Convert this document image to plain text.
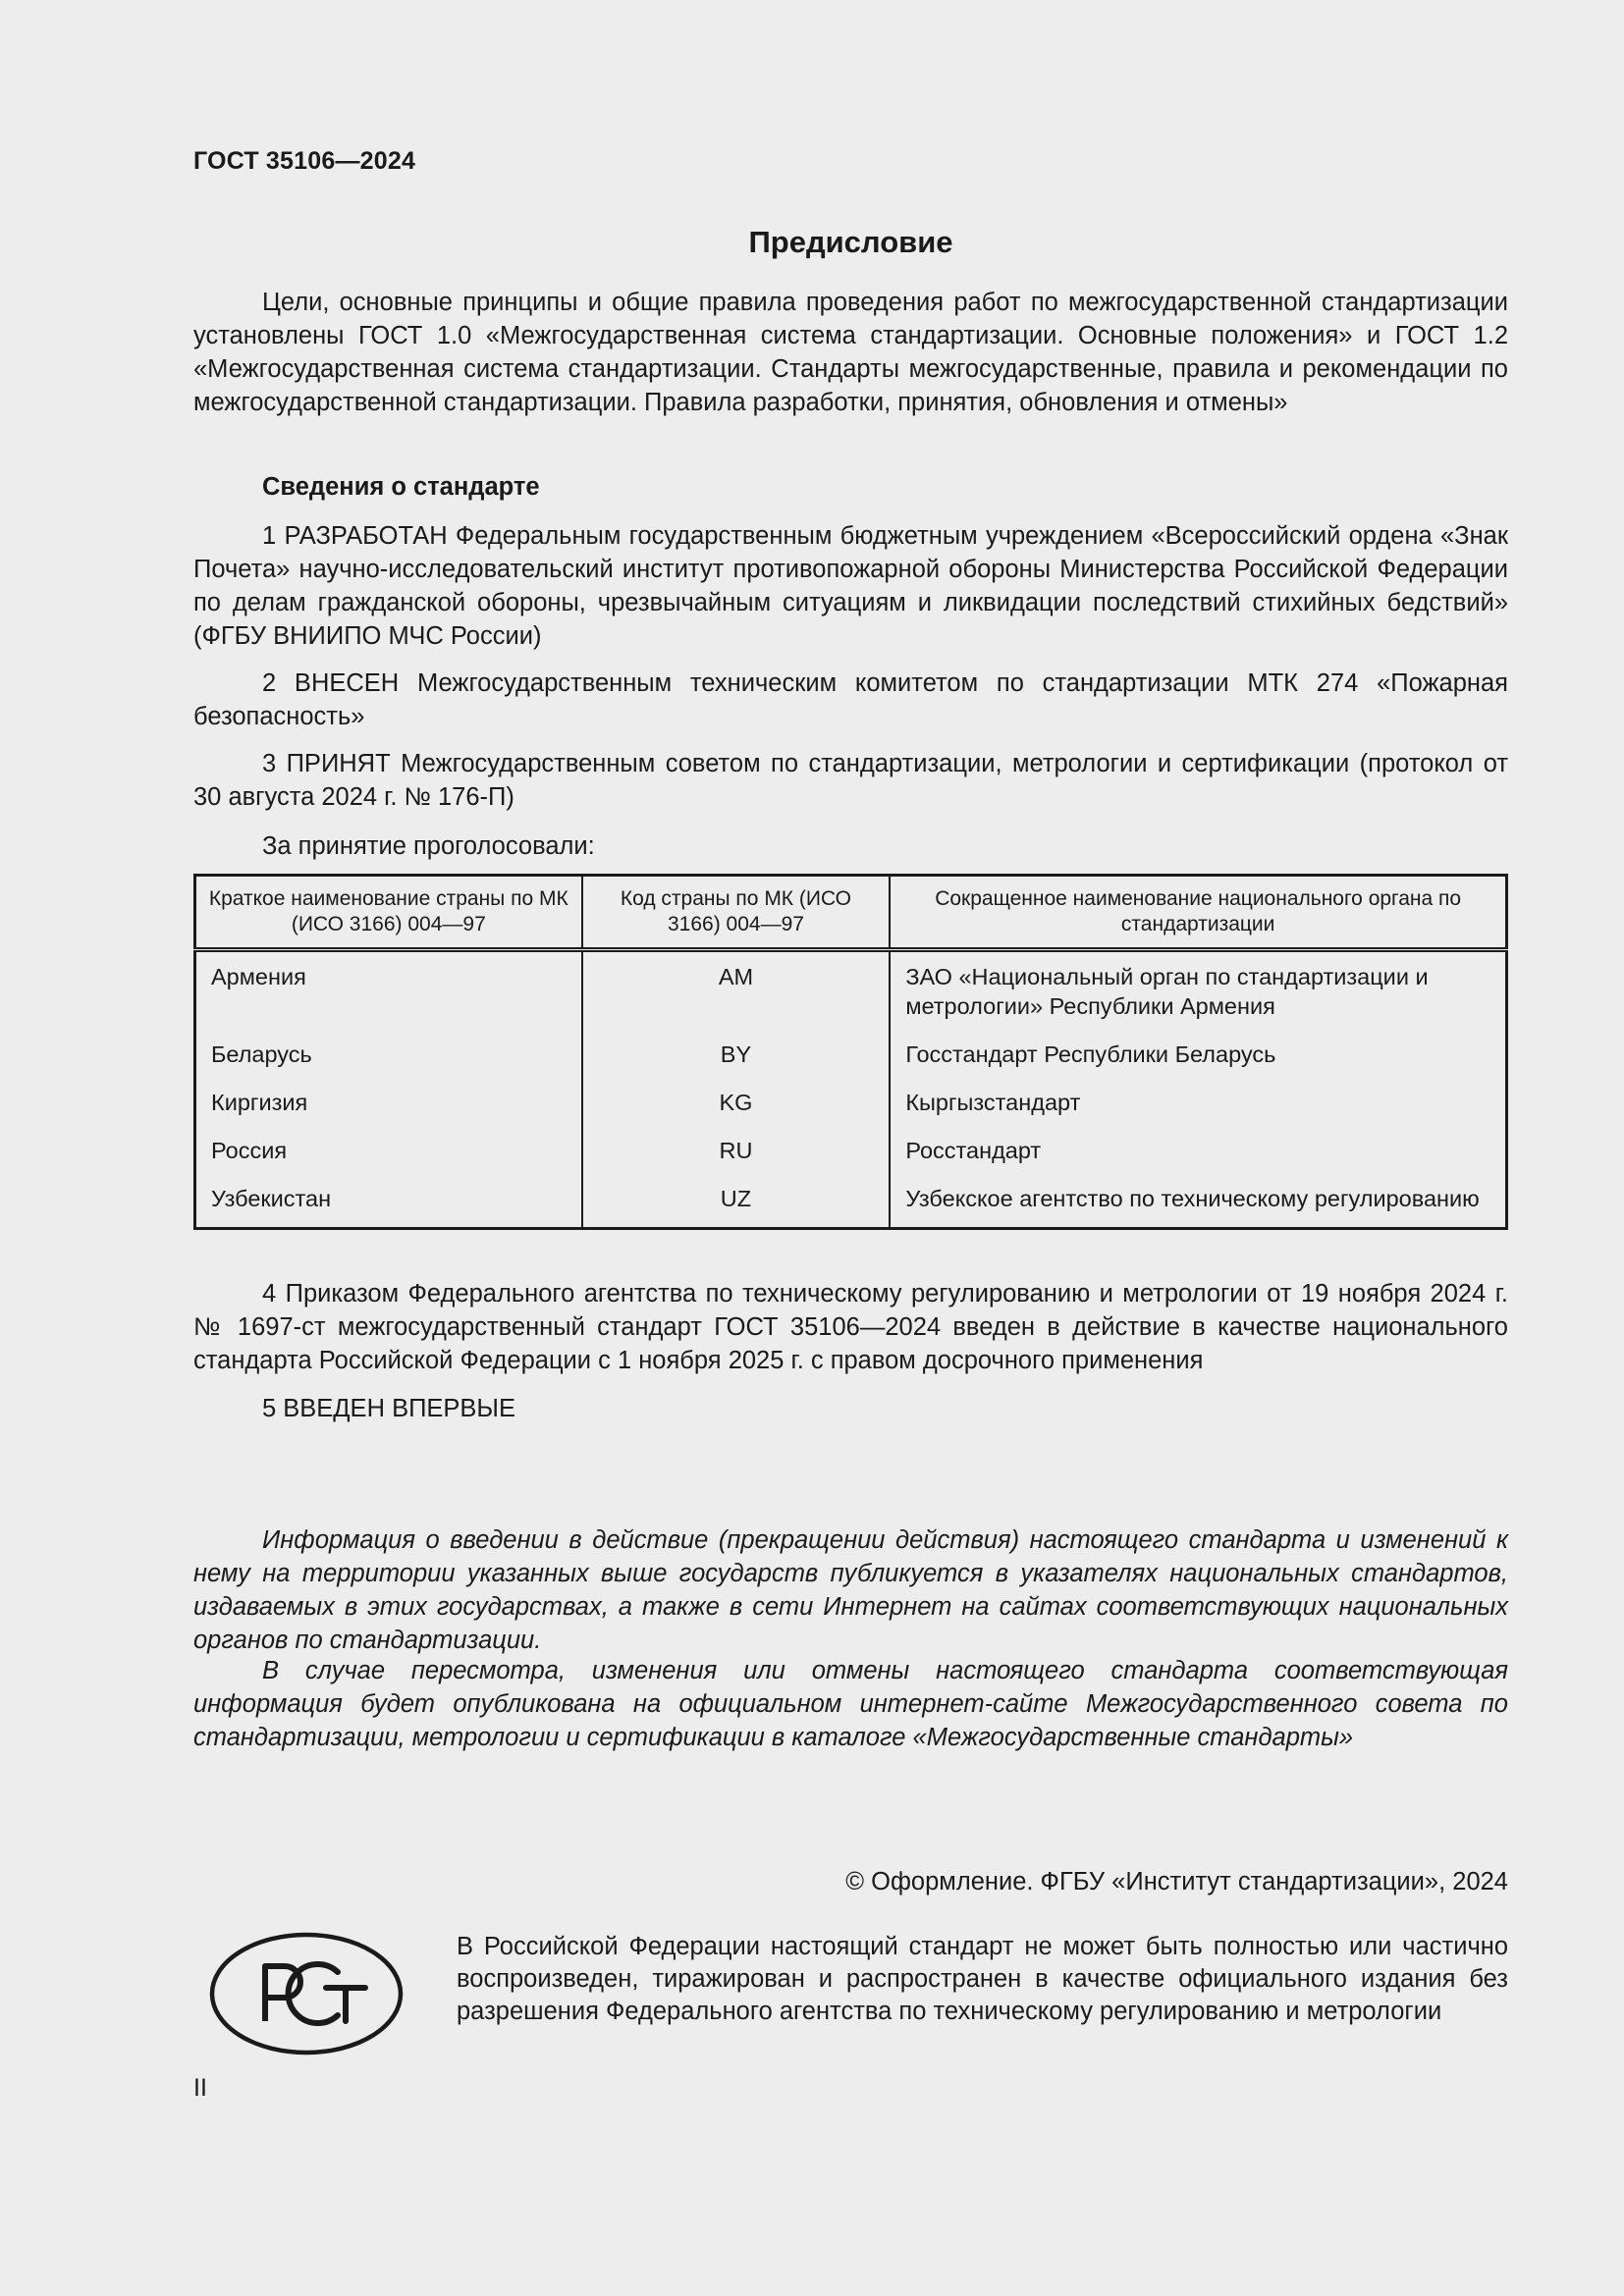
ГОСТ 35106—2024
Предисловие
Цели, основные принципы и общие правила проведения работ по межгосударственной стандартизации установлены ГОСТ 1.0 «Межгосударственная система стандартизации. Основные положения» и ГОСТ 1.2 «Межгосударственная система стандартизации. Стандарты межгосударственные, правила и рекомендации по межгосударственной стандартизации. Правила разработки, принятия, обновления и отмены»
Сведения о стандарте
1 РАЗРАБОТАН Федеральным государственным бюджетным учреждением «Всероссийский ордена «Знак Почета» научно-исследовательский институт противопожарной обороны Министерства Российской Федерации по делам гражданской обороны, чрезвычайным ситуациям и ликвидации последствий стихийных бедствий» (ФГБУ ВНИИПО МЧС России)
2 ВНЕСЕН Межгосударственным техническим комитетом по стандартизации МТК 274 «Пожарная безопасность»
3 ПРИНЯТ Межгосударственным советом по стандартизации, метрологии и сертификации (протокол от 30 августа 2024 г. № 176-П)
За принятие проголосовали:
Краткое наименование страны по МК (ИСО 3166) 004—97	Код страны по МК (ИСО 3166) 004—97	Сокращенное наименование национального органа по стандартизации
Армения	AM	ЗАО «Национальный орган по стандартизации и метрологии» Республики Армения
Беларусь	BY	Госстандарт Республики Беларусь
Киргизия	KG	Кыргызстандарт
Россия	RU	Росстандарт
Узбекистан	UZ	Узбекское агентство по техническому регулированию
4 Приказом Федерального агентства по техническому регулированию и метрологии от 19 ноября 2024 г. № 1697-ст межгосударственный стандарт ГОСТ 35106—2024 введен в действие в качестве национального стандарта Российской Федерации с 1 ноября 2025 г. с правом досрочного применения
5 ВВЕДЕН ВПЕРВЫЕ
Информация о введении в действие (прекращении действия) настоящего стандарта и изменений к нему на территории указанных выше государств публикуется в указателях национальных стандартов, издаваемых в этих государствах, а также в сети Интернет на сайтах соответствующих национальных органов по стандартизации.
В случае пересмотра, изменения или отмены настоящего стандарта соответствующая информация будет опубликована на официальном интернет-сайте Межгосударственного совета по стандартизации, метрологии и сертификации в каталоге «Межгосударственные стандарты»
© Оформление. ФГБУ «Институт стандартизации», 2024
В Российской Федерации настоящий стандарт не может быть полностью или частично воспроизведен, тиражирован и распространен в качестве официального издания без разрешения Федерального агентства по техническому регулированию и метрологии
II
